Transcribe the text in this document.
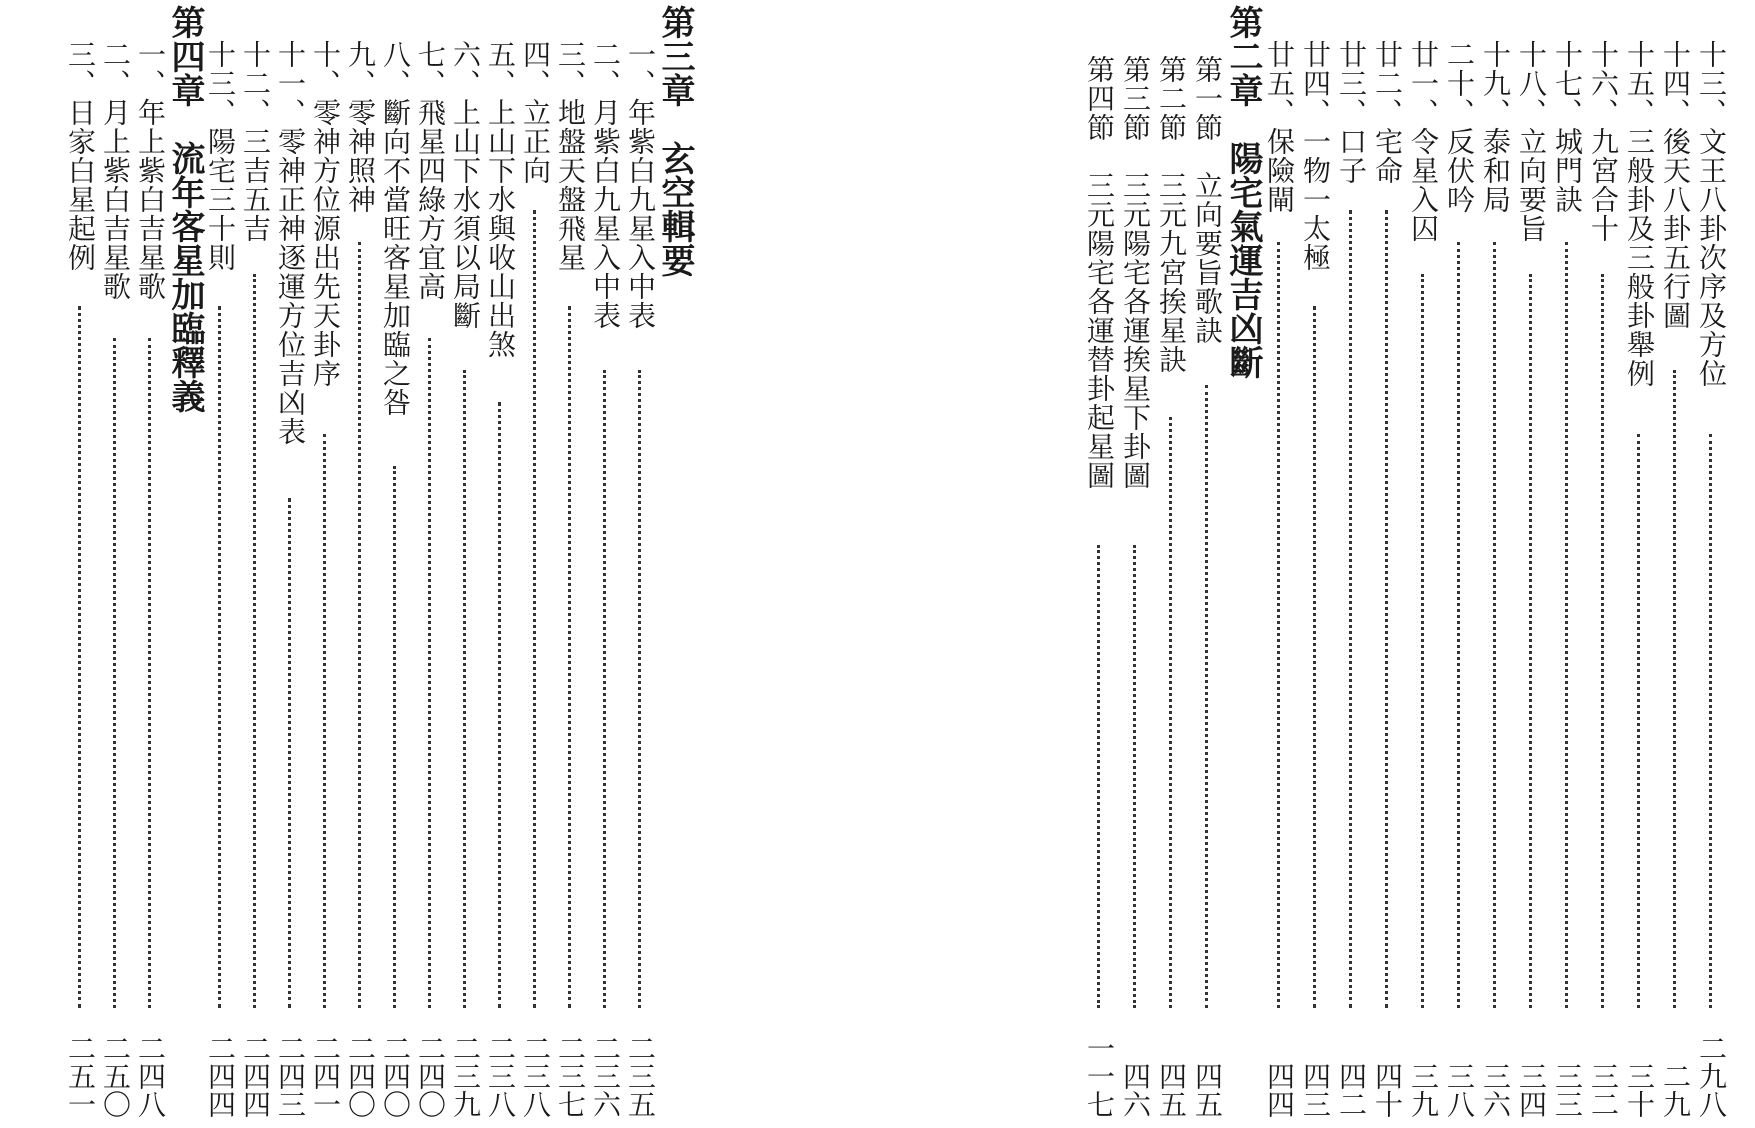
十三、文王八卦次序及方位
二九八
十四、後天八卦五行圖
二九
十五、三般卦及三般卦舉例
三十
十六、九宮合十
三二
十七、城門訣
三三
十八、立向要旨
三四
十九、泰和局
三六
二十、反伏吟
三八
廿一、令星入囚
三九
廿二、宅命
四十
廿三、口子
四二
廿四、一物一太極
四三
廿五、保險閘
四四
第二章　陽宅氣運吉凶斷
第一節　立向要旨歌訣
四五
第二節　三元九宮挨星訣
四五
第三節　三元陽宅各運挨星下卦圖
四六
第四節　三元陽宅各運替卦起星圖
一一七
第三章　玄空輯要
一、年紫白九星入中表
二三五
二、月紫白九星入中表
二三六
三、地盤天盤飛星
二三七
四、立正向
二三八
五、上山下水與收山出煞
二三八
六、上山下水須以局斷
二三九
七、飛星四綠方宜高
二四〇
八、斷向不當旺客星加臨之咎
二四〇
九、零神照神
二四〇
十、零神方位源出先天卦序
二四一
十一、零神正神逐運方位吉凶表
二四三
十二、三吉五吉
二四四
十三、陽宅三十則
二四四
第四章　流年客星加臨釋義
一、年上紫白吉星歌
二四八
二、月上紫白吉星歌
二五〇
三、日家白星起例
二五一
